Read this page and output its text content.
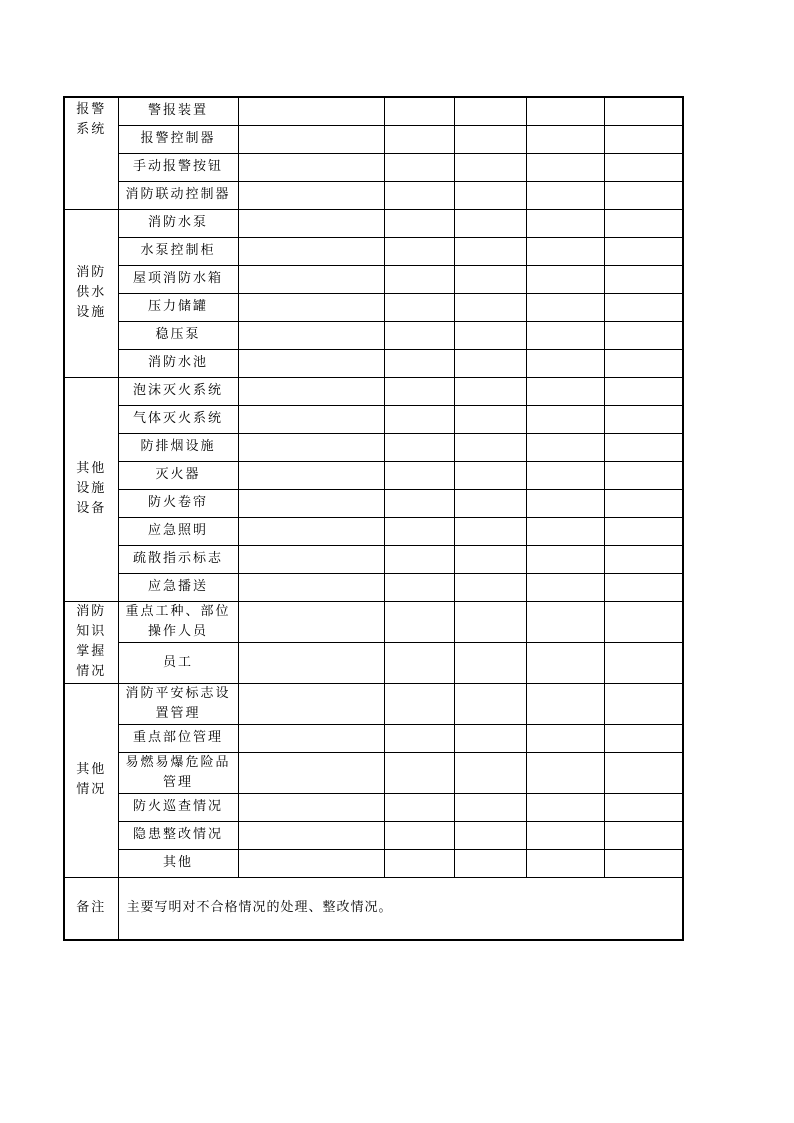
报警系统	警报装置					
	报警控制器					
	手动报警按钮					
	消防联动控制器					
消防供水设施	消防水泵					
	水泵控制柜					
	屋项消防水箱					
	压力储罐					
	稳压泵					
	消防水池					
其他设施设备	泡沫灭火系统					
	气体灭火系统					
	防排烟设施					
	灭火器					
	防火卷帘					
	应急照明					
	疏散指示标志					
	应急播送					
消防知识掌握情况	重点工种、部位操作人员					
	员工					
其他情况	消防平安标志设置管理					
	重点部位管理					
	易燃易爆危险品管理					
	防火巡查情况					
	隐患整改情况					
	其他					
备注	主要写明对不合格情况的处理、整改情况。					
